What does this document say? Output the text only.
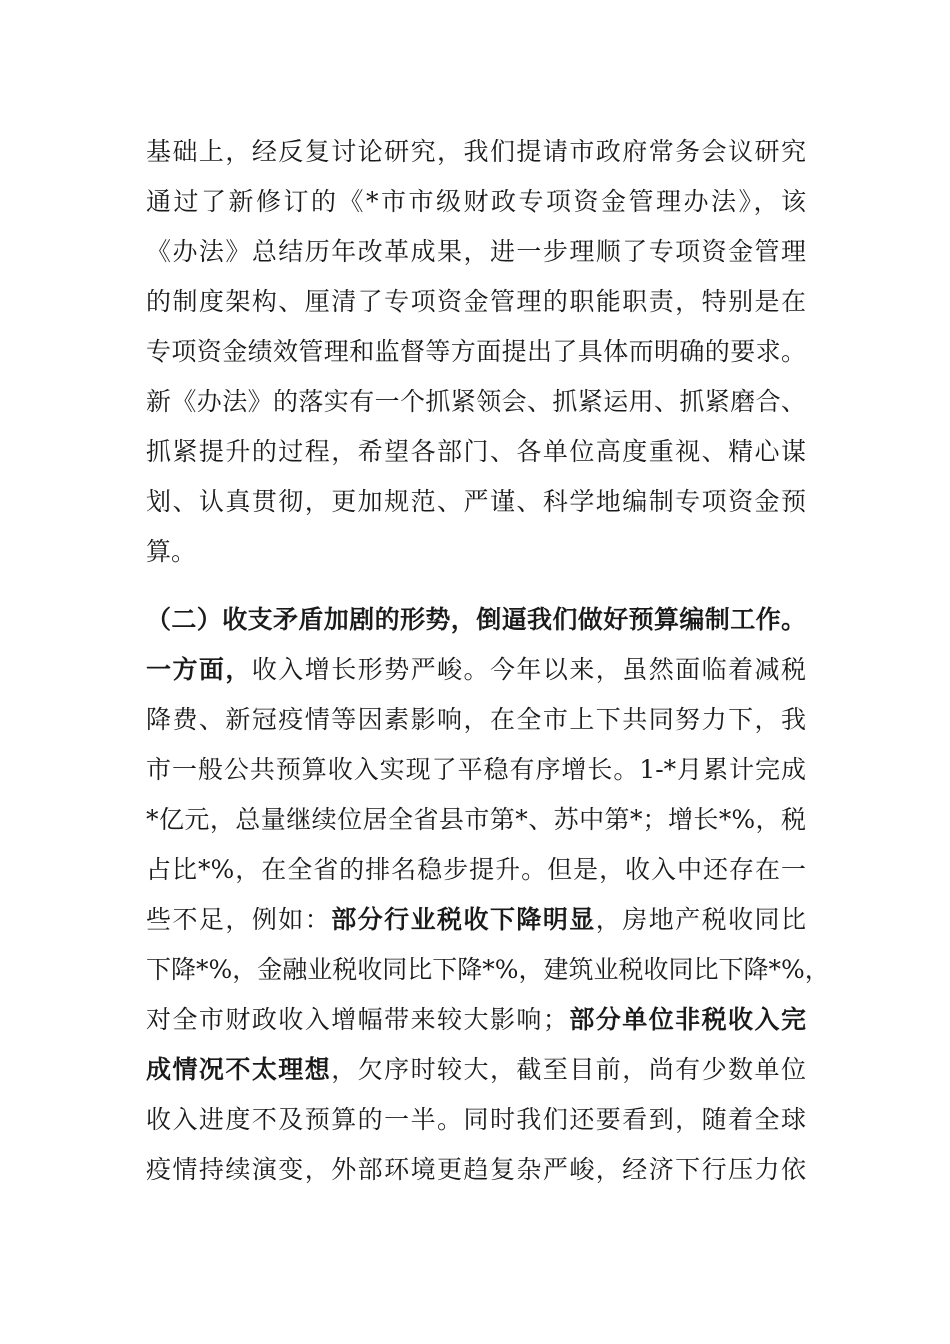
基础上，经反复讨论研究，我们提请市政府常务会议研究
通过了新修订的《*市市级财政专项资金管理办法》，该
《办法》总结历年改革成果，进一步理顺了专项资金管理
的制度架构、厘清了专项资金管理的职能职责，特别是在
专项资金绩效管理和监督等方面提出了具体而明确的要求。
新《办法》的落实有一个抓紧领会、抓紧运用、抓紧磨合、
抓紧提升的过程，希望各部门、各单位高度重视、精心谋
划、认真贯彻，更加规范、严谨、科学地编制专项资金预
算。
（二）收支矛盾加剧的形势，倒逼我们做好预算编制工作。
一方面，收入增长形势严峻。今年以来，虽然面临着减税
降费、新冠疫情等因素影响，在全市上下共同努力下，我
市一般公共预算收入实现了平稳有序增长。1-*月累计完成
*亿元，总量继续位居全省县市第*、苏中第*；增长*%，税
占比*%，在全省的排名稳步提升。但是，收入中还存在一
些不足，例如：部分行业税收下降明显，房地产税收同比
下降*%，金融业税收同比下降*%，建筑业税收同比下降*%，
对全市财政收入增幅带来较大影响；部分单位非税收入完
成情况不太理想，欠序时较大，截至目前，尚有少数单位
收入进度不及预算的一半。同时我们还要看到，随着全球
疫情持续演变，外部环境更趋复杂严峻，经济下行压力依
